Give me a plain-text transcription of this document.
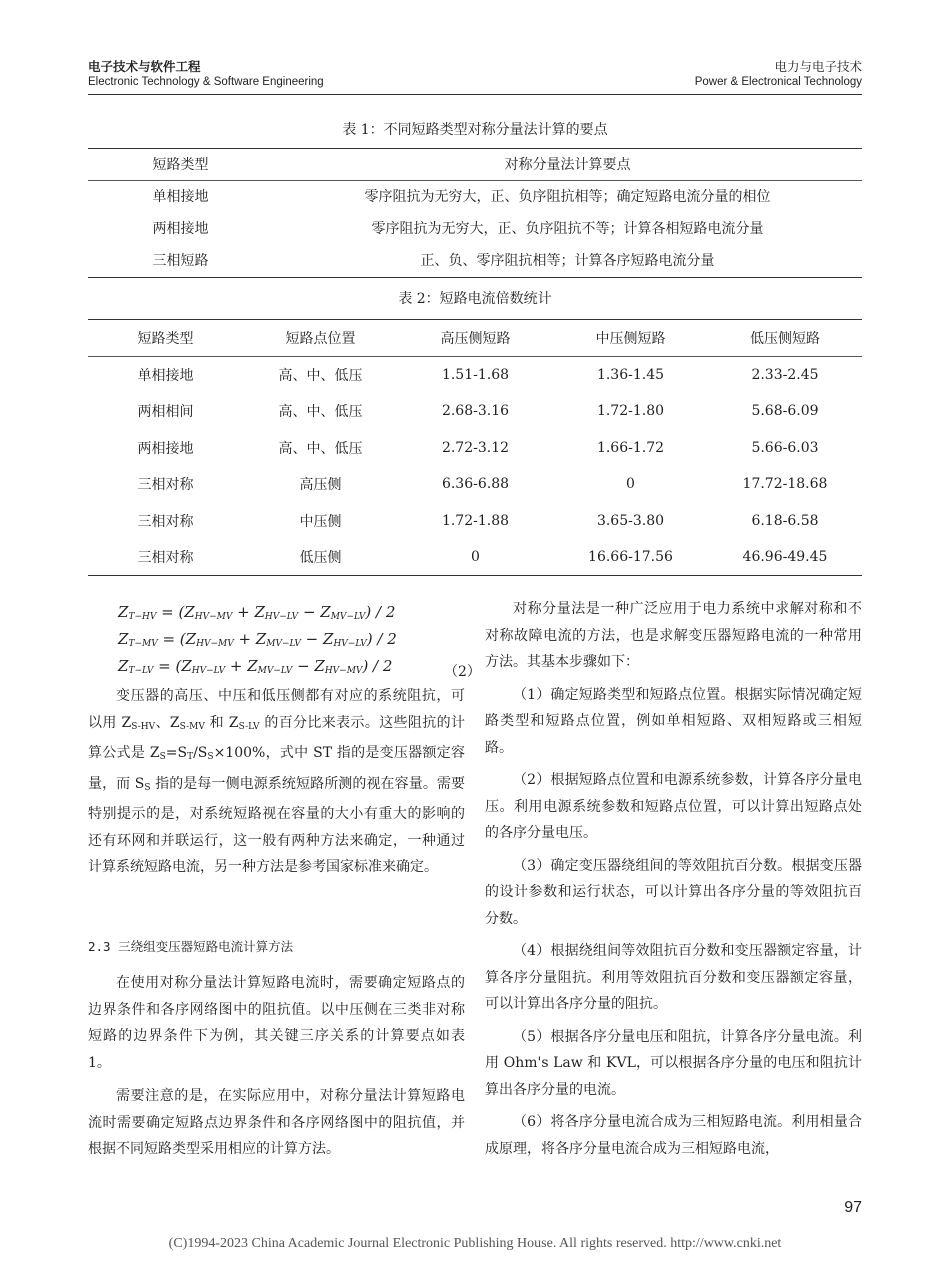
电子技术与软件工程
Electronic Technology & Software Engineering
电力与电子技术
Power & Electronical Technology
表 1：不同短路类型对称分量法计算的要点
短路类型	对称分量法计算要点
单相接地	零序阻抗为无穷大，正、负序阻抗相等；确定短路电流分量的相位
两相接地	零序阻抗为无穷大，正、负序阻抗不等；计算各相短路电流分量
三相短路	正、负、零序阻抗相等；计算各序短路电流分量
表 2：短路电流倍数统计
短路类型	短路点位置	高压侧短路	中压侧短路	低压侧短路
单相接地	高、中、低压	1.51-1.68	1.36-1.45	2.33-2.45
两相相间	高、中、低压	2.68-3.16	1.72-1.80	5.68-6.09
两相接地	高、中、低压	2.72-3.12	1.66-1.72	5.66-6.03
三相对称	高压侧	6.36-6.88	0	17.72-18.68
三相对称	中压侧	1.72-1.88	3.65-3.80	6.18-6.58
三相对称	低压侧	0	16.66-17.56	46.96-49.45
$Z_{T-HV} = (Z_{HV-MV} + Z_{HV-LV} - Z_{MV-LV}) / 2$
$Z_{T-MV} = (Z_{HV-MV} + Z_{MV-LV} - Z_{HV-LV}) / 2$
$Z_{T-LV} = (Z_{HV-LV} + Z_{MV-LV} - Z_{HV-MV}) / 2$	（2）

变压器的高压、中压和低压侧都有对应的系统阻抗，可以用 $Z_{S-HV}$、$Z_{S-MV}$ 和 $Z_{S-LV}$ 的百分比来表示。这些阻抗的计算公式是 $Z_S=S_T/S_S\times 100\%$，式中 ST 指的是变压器额定容量，而 $S_S$ 指的是每一侧电源系统短路所测的视在容量。需要特别提示的是，对系统短路视在容量的大小有重大的影响的还有环网和并联运行，这一般有两种方法来确定，一种通过计算系统短路电流，另一种方法是参考国家标准来确定。

2.3 三绕组变压器短路电流计算方法

在使用对称分量法计算短路电流时，需要确定短路点的边界条件和各序网络图中的阻抗值。以中压侧在三类非对称短路的边界条件下为例，其关键三序关系的计算要点如表 1。

需要注意的是，在实际应用中，对称分量法计算短路电流时需要确定短路点边界条件和各序网络图中的阻抗值，并根据不同短路类型采用相应的计算方法。

对称分量法是一种广泛应用于电力系统中求解对称和不对称故障电流的方法，也是求解变压器短路电流的一种常用方法。其基本步骤如下：

（1）确定短路类型和短路点位置。根据实际情况确定短路类型和短路点位置，例如单相短路、双相短路或三相短路。

（2）根据短路点位置和电源系统参数，计算各序分量电压。利用电源系统参数和短路点位置，可以计算出短路点处的各序分量电压。

（3）确定变压器绕组间的等效阻抗百分数。根据变压器的设计参数和运行状态，可以计算出各序分量的等效阻抗百分数。

（4）根据绕组间等效阻抗百分数和变压器额定容量，计算各序分量阻抗。利用等效阻抗百分数和变压器额定容量，可以计算出各序分量的阻抗。

（5）根据各序分量电压和阻抗，计算各序分量电流。利用 Ohm's Law 和 KVL，可以根据各序分量的电压和阻抗计算出各序分量的电流。

（6）将各序分量电流合成为三相短路电流。利用相量合成原理，将各序分量电流合成为三相短路电流，

97
(C)1994-2023 China Academic Journal Electronic Publishing House. All rights reserved. http://www.cnki.net
